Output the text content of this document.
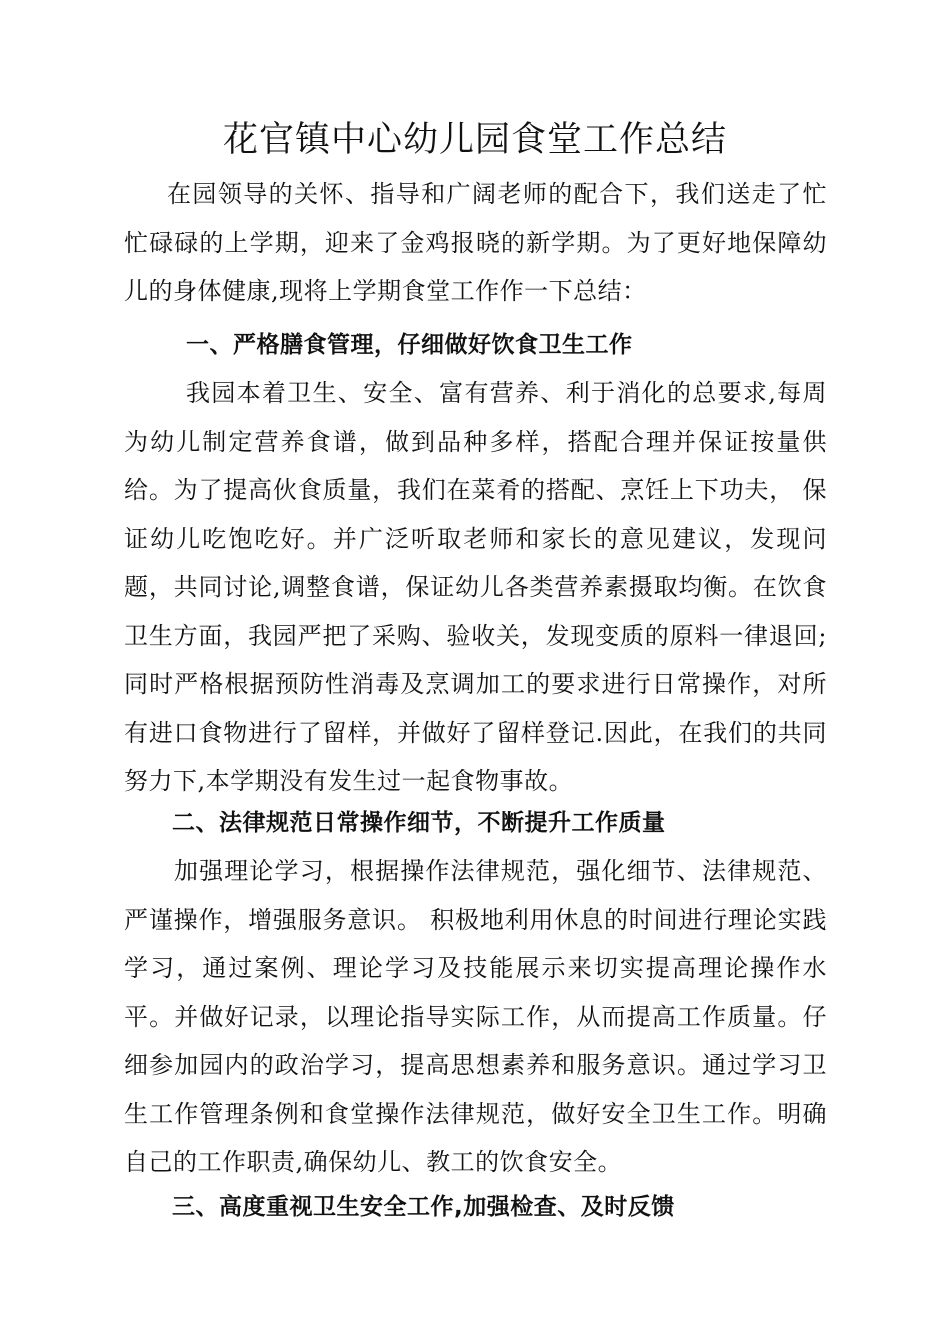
花官镇中心幼儿园食堂工作总结
在园领导的关怀、指导和广阔老师的配合下，我们送走了忙忙碌碌的上学期，迎来了金鸡报晓的新学期。为了更好地保障幼儿的身体健康,现将上学期食堂工作作一下总结：
一、严格膳食管理，仔细做好饮食卫生工作
我园本着卫生、安全、富有营养、利于消化的总要求,每周为幼儿制定营养食谱，做到品种多样，搭配合理并保证按量供给。为了提高伙食质量，我们在菜肴的搭配、烹饪上下功夫， 保证幼儿吃饱吃好。并广泛听取老师和家长的意见建议，发现问题，共同讨论,调整食谱，保证幼儿各类营养素摄取均衡。在饮食卫生方面，我园严把了采购、验收关，发现变质的原料一律退回;同时严格根据预防性消毒及烹调加工的要求进行日常操作，对所有进口食物进行了留样，并做好了留样登记.因此，在我们的共同努力下,本学期没有发生过一起食物事故。
二、法律规范日常操作细节，不断提升工作质量
加强理论学习，根据操作法律规范，强化细节、法律规范、严谨操作，增强服务意识。 积极地利用休息的时间进行理论实践学习，通过案例、理论学习及技能展示来切实提高理论操作水平。并做好记录，以理论指导实际工作，从而提高工作质量。仔细参加园内的政治学习，提高思想素养和服务意识。通过学习卫生工作管理条例和食堂操作法律规范，做好安全卫生工作。明确自己的工作职责,确保幼儿、教工的饮食安全。
三、高度重视卫生安全工作,加强检查、及时反馈
